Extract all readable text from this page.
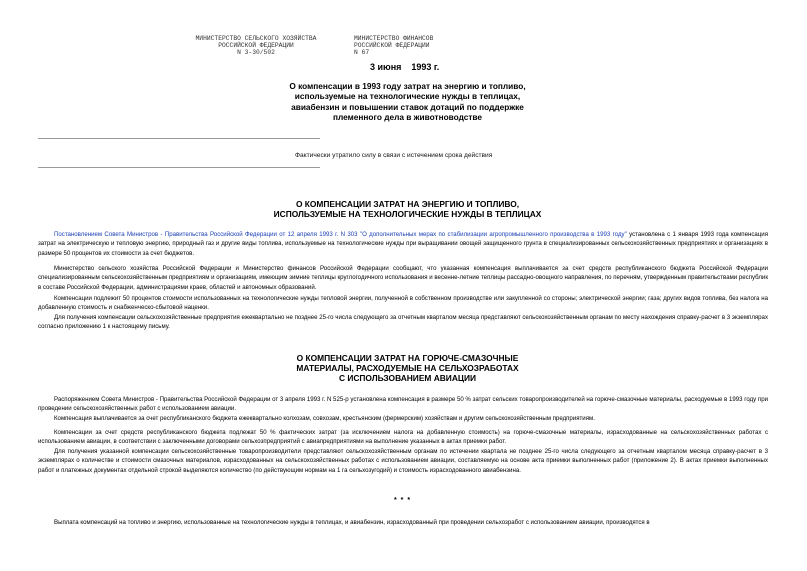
МИНИСТЕРСТВО СЕЛЬСКОГО ХОЗЯЙСТВА
РОССИЙСКОЙ ФЕДЕРАЦИИ
N 3-30/502
МИНИСТЕРСТВО ФИНАНСОВ
РОССИЙСКОЙ ФЕДЕРАЦИИ
N 67
3 июня    1993 г.
О компенсации в 1993 году затрат на энергию и топливо,
используемые на технологические нужды в теплицах,
авиабензин и повышении ставок дотаций по поддержке
племенного дела в животноводстве
Фактически утратило силу в связи с истечением срока действия
О КОМПЕНСАЦИИ ЗАТРАТ НА ЭНЕРГИЮ И ТОПЛИВО,
ИСПОЛЬЗУЕМЫЕ НА ТЕХНОЛОГИЧЕСКИЕ НУЖДЫ В ТЕПЛИЦАХ

Постановлением Совета Министров - Правительства Российской Федерации от 12 апреля 1993 г. N 303 "О дополнительных мерах по стабилизации агропромышленного производства в 1993 году" установлена с 1 января 1993 года компенсация затрат на электрическую и тепловую энергию, природный газ и другие виды топлива, используемые на технологические нужды при выращивании овощей защищенного грунта в специализированных сельскохозяйственных предприятиях и организациях в размере 50 процентов их стоимости за счет бюджетов.

Министерство сельского хозяйства Российской Федерации и Министерство финансов Российской Федерации сообщают, что указанная компенсация выплачивается за счет средств республиканского бюджета Российской Федерации специализированным сельскохозяйственным предприятиям и организациям, имеющим зимние теплицы круглогодичного использования и весенне-летние теплицы рассадно-овощного направления, по перечням, утвержденным правительствами республик в составе Российской Федерации, администрациями краев, областей и автономных образований.

Компенсации подлежит 50 процентов стоимости использованных на технологические нужды тепловой энергии, полученной в собственном производстве или закупленной со стороны; электрической энергии; газа; других видов топлива, без налога на добавленную стоимость и снабженческо-сбытовой наценки.

Для получения компенсации сельскохозяйственные предприятия ежеквартально не позднее 25-го числа следующего за отчетным кварталом месяца представляют сельскохозяйственным органам по месту нахождения справку-расчет в 3 экземплярах согласно приложению 1 к настоящему письму.

О КОМПЕНСАЦИИ ЗАТРАТ НА ГОРЮЧЕ-СМАЗОЧНЫЕ
МАТЕРИАЛЫ, РАСХОДУЕМЫЕ НА СЕЛЬХОЗРАБОТАХ
С ИСПОЛЬЗОВАНИЕМ АВИАЦИИ

Распоряжением Совета Министров - Правительства Российской Федерации от 3 апреля 1993 г. N 525-р установлена компенсация в размере 50 % затрат сельских товаропроизводителей на горюче-смазочные материалы, расходуемые в 1993 году при проведении сельскохозяйственных работ с использованием авиации.

Компенсация выплачивается за счет республиканского бюджета ежеквартально колхозам, совхозам, крестьянским (фермерским) хозяйствам и другим сельскохозяйственным предприятиям.

Компенсации за счет средств республиканского бюджета подлежат 50 % фактических затрат (за исключением налога на добавленную стоимость) на горюче-смазочные материалы, израсходованные на сельскохозяйственных работах с использованием авиации, в соответствии с заключенными договорами сельхозпредприятий с авиапредприятиями на выполнение указанных в актах приемки работ.

Для получения указанной компенсации сельскохозяйственные товаропроизводители представляют сельскохозяйственным органам по истечении квартала не позднее 25-го числа следующего за отчетным кварталом месяца справку-расчет в 3 экземплярах о количестве и стоимости смазочных материалов, израсходованных на сельскохозяйственных работах с использованием авиации, составляемую на основе акта приемки выполненных работ (приложение 2). В актах приемки выполненных работ и платежных документах отдельной строкой выделяются количество (по действующим нормам на 1 га сельхозугодий) и стоимость израсходованного авиабензина.

* * *

Выплата компенсаций на топливо и энергию, использованные на технологические нужды в теплицах, и авиабензин, израсходованный при проведении сельхозработ с использованием авиации, производятся в
